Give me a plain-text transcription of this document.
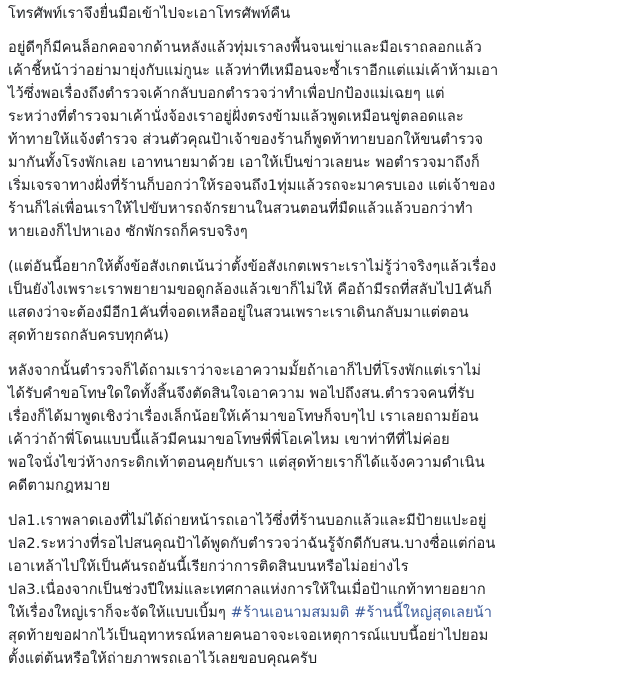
โทรศัพท์เราจึงยื่นมือเข้าไปจะเอาโทรศัพท์คืน

อยู่ดีๆก็มีคนล็อกคอจากด้านหลังแล้วทุ่มเราลงพื้นจนเข่าและมือเราถลอกแล้ว
เค้าชี้หน้าว่าอย่ามายุ่งกับแม่กูนะ แล้วท่าทีเหมือนจะซ้ำเราอีกแต่แม่เค้าห้ามเอา
ไว้ซึ่งพอเรื่องถึงตำรวจเค้ากลับบอกตำรวจว่าทำเพื่อปกป้องแม่เฉยๆ แต่
ระหว่างที่ตำรวจมาเค้านั่งจ้องเราอยู่ฝั่งตรงข้ามแล้วพูดเหมือนขู่ตลอดและ
ท้าทายให้แจ้งตำรวจ ส่วนตัวคุณป้าเจ้าของร้านก็พูดท้าทายบอกให้ขนตำรวจ
มากันทั้งโรงพักเลย เอาทนายมาด้วย เอาให้เป็นข่าวเลยนะ พอตำรวจมาถึงก็
เริ่มเจรจาทางฝั่งที่ร้านก็บอกว่าให้รอจนถึง1ทุ่มแล้วรถจะมาครบเอง แต่เจ้าของ
ร้านก็ไล่เพื่อนเราให้ไปขับหารถจักรยานในสวนตอนที่มืดแล้วแล้วบอกว่าทำ
หายเองก็ไปหาเอง ซักพักรถก็ครบจริงๆ

(แต่อันนี้อยากให้ตั้งข้อสังเกตเน้นว่าตั้งข้อสังเกตเพราะเราไม่รู้ว่าจริงๆแล้วเรื่อง
เป็นยังไงเพราะเราพยายามขอดูกล้องแล้วเขาก็ไม่ให้ คือถ้ามีรถที่สลับไป1คันก็
แสดงว่าจะต้องมีอีก1คันที่จอดเหลืออยู่ในสวนเพราะเราเดินกลับมาแต่ตอน
สุดท้ายรถกลับครบทุกคัน)

หลังจากนั้นตำรวจก็ได้ถามเราว่าจะเอาความมั้ยถ้าเอาก็ไปที่โรงพักแต่เราไม่
ได้รับคำขอโทษใดใดทั้งสิ้นจึงตัดสินใจเอาความ พอไปถึงสน.ตำรวจคนที่รับ
เรื่องก็ได้มาพูดเชิงว่าเรื่องเล็กน้อยให้เค้ามาขอโทษก็จบๆไป เราเลยถามย้อน
เค้าว่าถ้าพี่โดนแบบนี้แล้วมีคนมาขอโทษพี่พี่โอเคไหม เขาท่าทีที่ไม่ค่อย
พอใจนั่งไขว่ห้างกระดิกเท้าตอนคุยกับเรา แต่สุดท้ายเราก็ได้แจ้งความดำเนิน
คดีตามกฎหมาย

ปล1.เราพลาดเองที่ไม่ได้ถ่ายหน้ารถเอาไว้ซึ่งที่ร้านบอกแล้วและมีป้ายแปะอยู่
ปล2.ระหว่างที่รอไปสนคุณป้าได้พูดกับตำรวจว่าฉันรู้จักดีกับสน.บางซื่อแต่ก่อน
เอาเหล้าไปให้เป็นคันรถอันนี้เรียกว่าการติดสินบนหรือไม่อย่างไร
ปล3.เนื่องจากเป็นช่วงปีใหม่และเทศกาลแห่งการให้ในเมื่อป้าแกท้าทายอยาก
ให้เรื่องใหญ่เราก็จะจัดให้แบบเบิ้มๆ #ร้านเอนามสมมติ #ร้านนี้ใหญ่สุดเลยน้า
สุดท้ายขอฝากไว้เป็นอุทาหรณ์หลายคนอาจจะเจอเหตุการณ์แบบนี้อย่าไปยอม
ตั้งแต่ต้นหรือให้ถ่ายภาพรถเอาไว้เลยขอบคุณครับ
